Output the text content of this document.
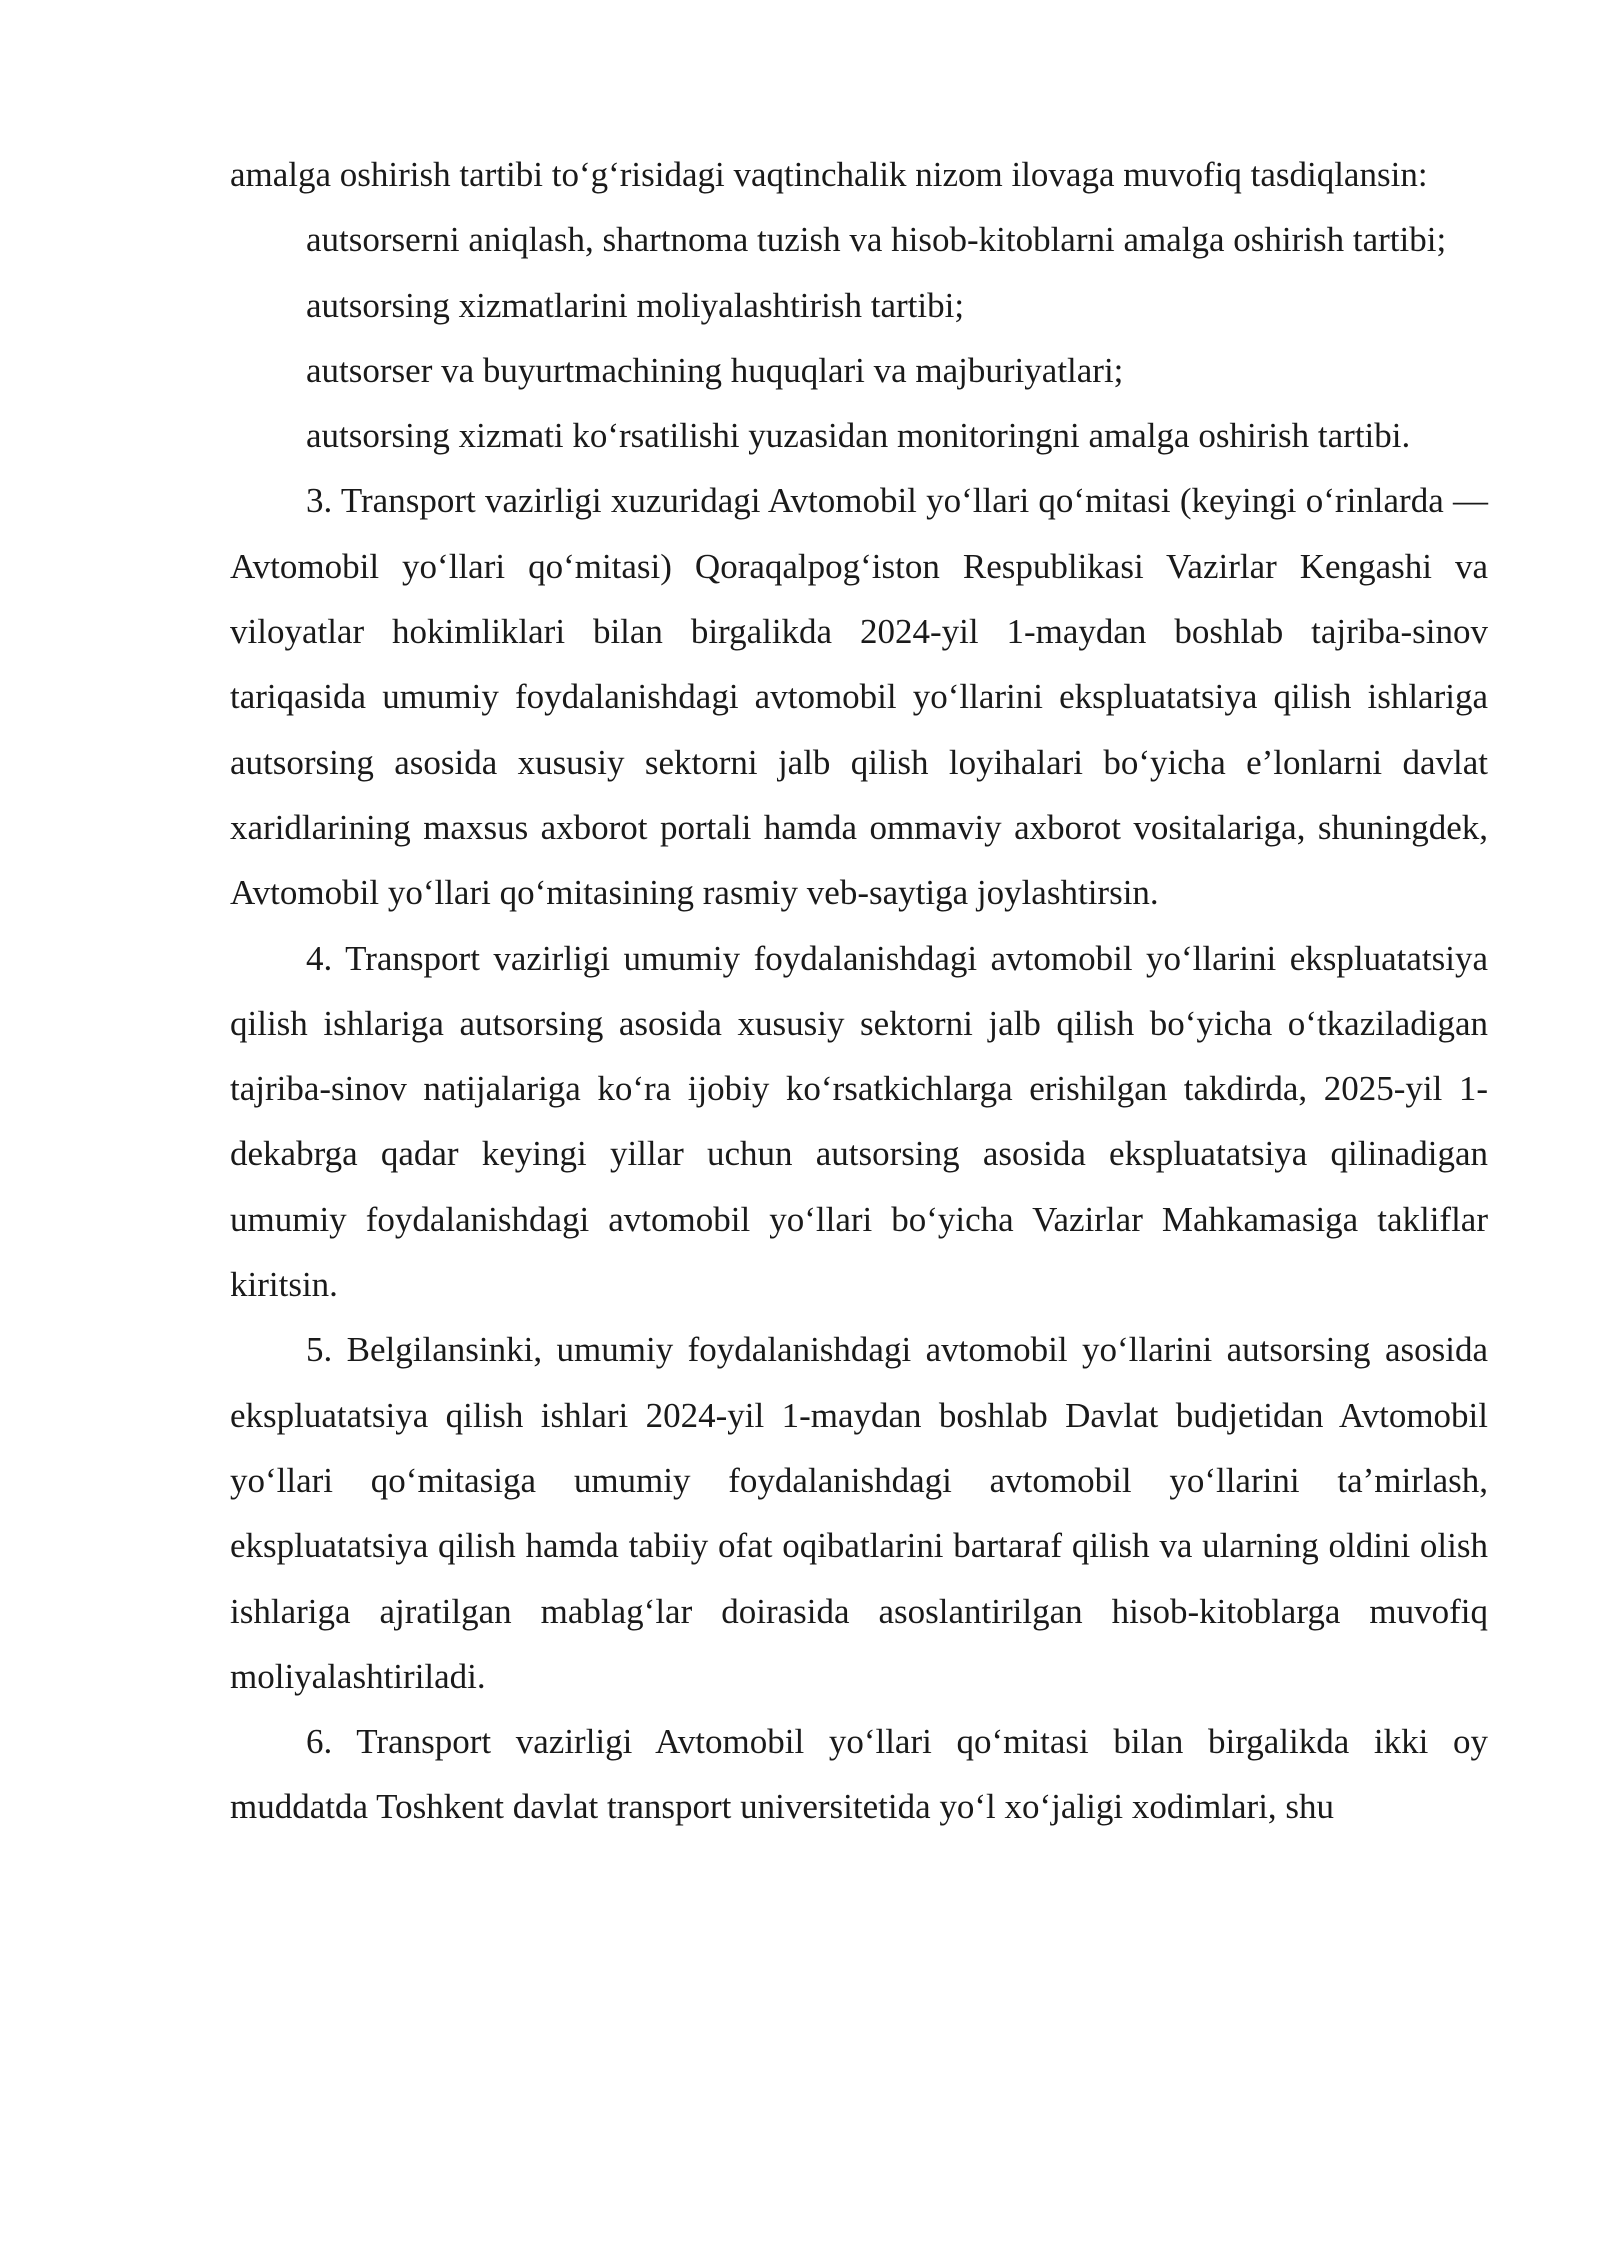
amalga oshirish tartibi to‘g‘risidagi vaqtinchalik nizom ilovaga muvofiq tasdiqlansin:

autsorserni aniqlash, shartnoma tuzish va hisob-kitoblarni amalga oshirish tartibi;

autsorsing xizmatlarini moliyalashtirish tartibi;

autsorser va buyurtmachining huquqlari va majburiyatlari;

autsorsing xizmati ko‘rsatilishi yuzasidan monitoringni amalga oshirish tartibi.

3. Transport vazirligi xuzuridagi Avtomobil yo‘llari qo‘mitasi (keyingi o‘rinlarda — Avtomobil yo‘llari qo‘mitasi) Qoraqalpog‘iston Respublikasi Vazirlar Kengashi va viloyatlar hokimliklari bilan birgalikda 2024-yil 1-maydan boshlab tajriba-sinov tariqasida umumiy foydalanishdagi avtomobil yo‘llarini ekspluatatsiya qilish ishlariga autsorsing asosida xususiy sektorni jalb qilish loyihalari bo‘yicha e’lonlarni davlat xaridlarining maxsus axborot portali hamda ommaviy axborot vositalariga, shuningdek, Avtomobil yo‘llari qo‘mitasining rasmiy veb-saytiga joylashtirsin.

4. Transport vazirligi umumiy foydalanishdagi avtomobil yo‘llarini ekspluatatsiya qilish ishlariga autsorsing asosida xususiy sektorni jalb qilish bo‘yicha o‘tkaziladigan tajriba-sinov natijalariga ko‘ra ijobiy ko‘rsatkichlarga erishilgan takdirda, 2025-yil 1-dekabrga qadar keyingi yillar uchun autsorsing asosida ekspluatatsiya qilinadigan umumiy foydalanishdagi avtomobil yo‘llari bo‘yicha Vazirlar Mahkamasiga takliflar kiritsin.

5. Belgilansinki, umumiy foydalanishdagi avtomobil yo‘llarini autsorsing asosida ekspluatatsiya qilish ishlari 2024-yil 1-maydan boshlab Davlat budjetidan Avtomobil yo‘llari qo‘mitasiga umumiy foydalanishdagi avtomobil yo‘llarini ta’mirlash, ekspluatatsiya qilish hamda tabiiy ofat oqibatlarini bartaraf qilish va ularning oldini olish ishlariga ajratilgan mablag‘lar doirasida asoslantirilgan hisob-kitoblarga muvofiq moliyalashtiriladi.

6. Transport vazirligi Avtomobil yo‘llari qo‘mitasi bilan birgalikda ikki oy muddatda Toshkent davlat transport universitetida yo‘l xo‘jaligi xodimlari, shu
